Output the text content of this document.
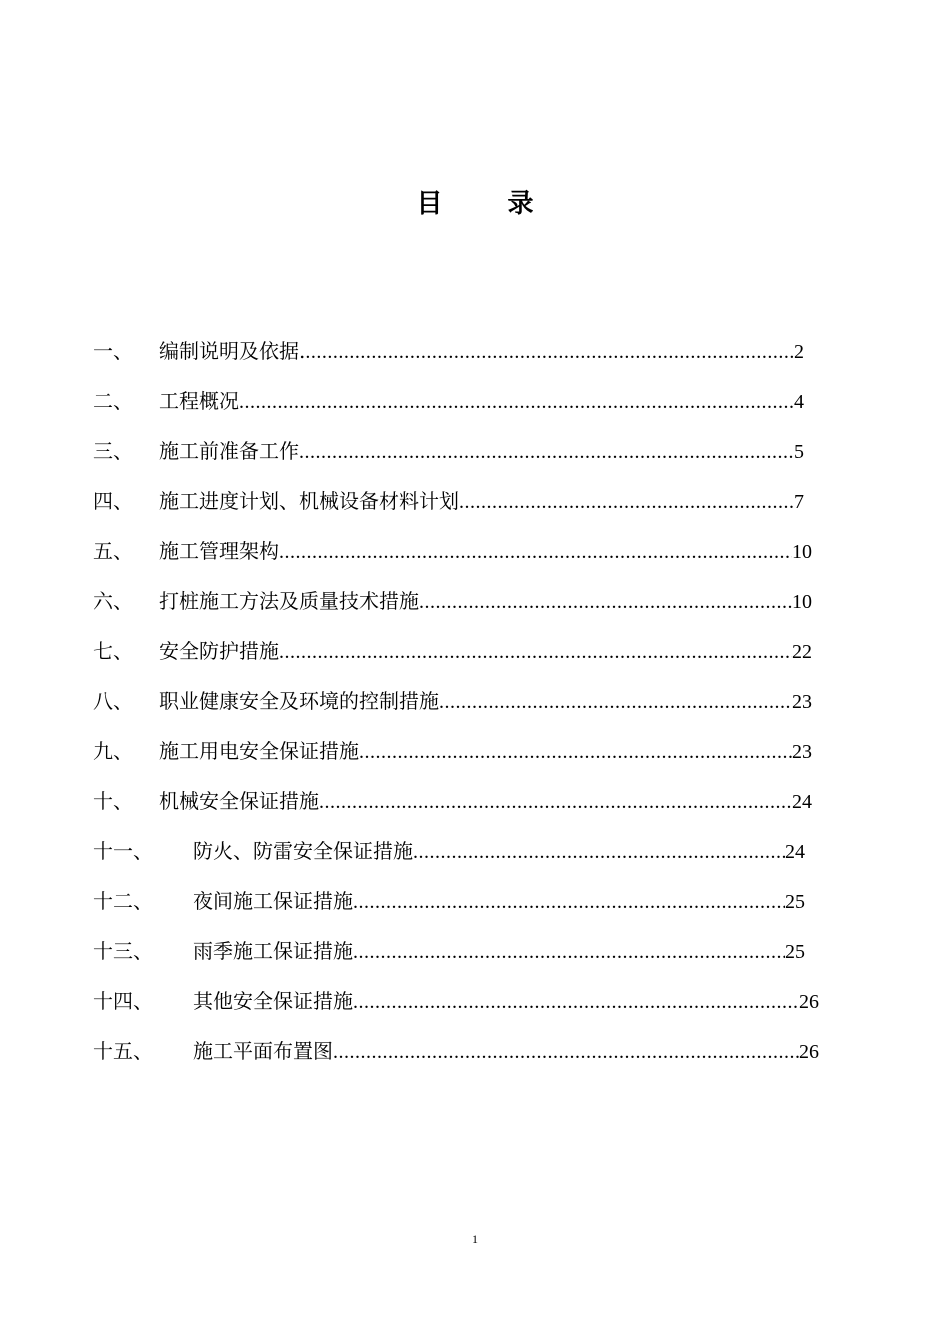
目 录
一、 编制说明及依据. .....	2
二、 工程概况 .....	4
三、 施工前准备工作 .....	5
四、 施工进度计划、机械设备材料计划 .....	7
五、 施工管理架构 .....	10
六、 打桩施工方法及质量技术措施 .....	10
七、 安全防护措施 .....	22
八、 职业健康安全及环境的控制措施 .....	23
九、 施工用电安全保证措施 .....	23
十、 机械安全保证措施 .....	24
十一、 防火、防雷安全保证措施 .....	24
十二、 夜间施工保证措施 .....	25
十三、 雨季施工保证措施 .....	25
十四、 其他安全保证措施 .....	26
十五、 施工平面布置图 .....	26
1
